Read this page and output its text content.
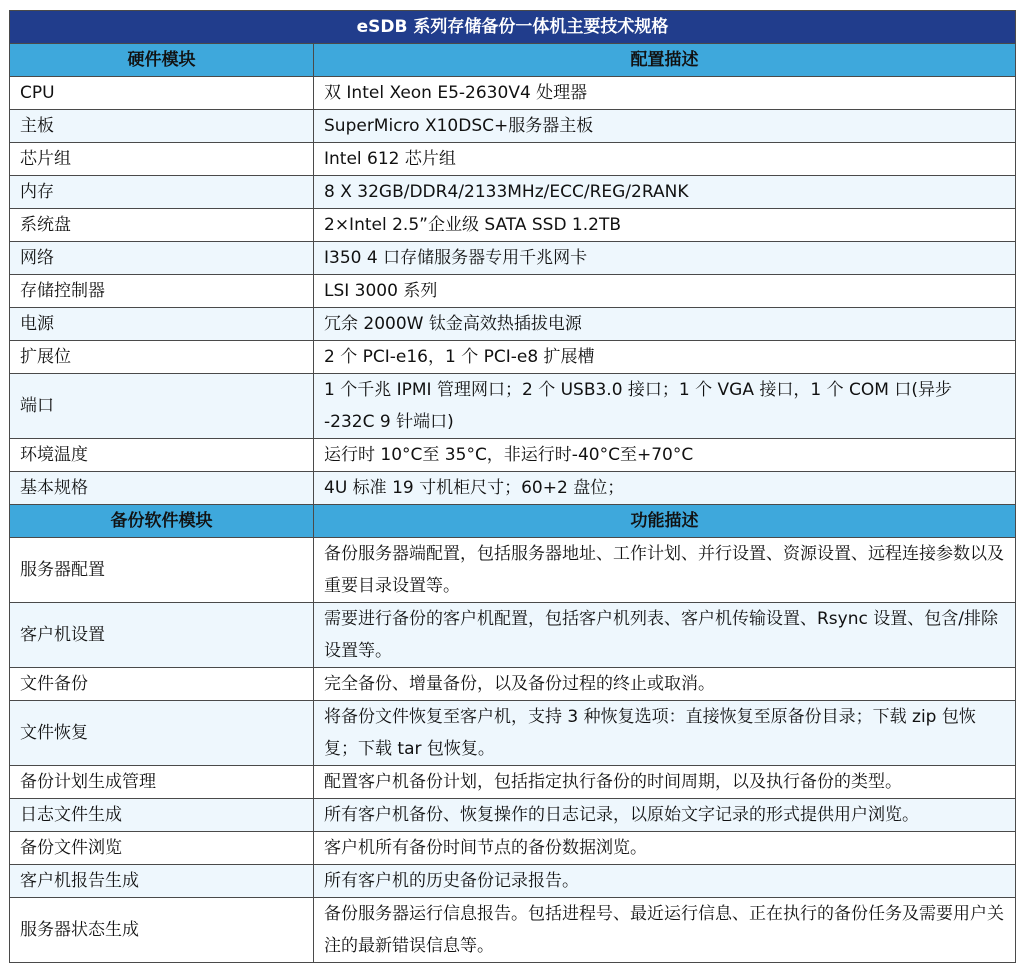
eSDB 系列存储备份一体机主要技术规格	
硬件模块	配置描述
CPU	双 Intel Xeon E5-2630V4 处理器
主板	SuperMicro X10DSC+服务器主板
芯片组	Intel 612 芯片组
内存	8 X 32GB/DDR4/2133MHz/ECC/REG/2RANK
系统盘	2×Intel 2.5”企业级 SATA SSD 1.2TB
网络	I350 4 口存储服务器专用千兆网卡
存储控制器	LSI 3000 系列
电源	冗余 2000W 钛金高效热插拔电源
扩展位	2 个 PCI-e16，1 个 PCI-e8 扩展槽
端口	1 个千兆 IPMI 管理网口；2 个 USB3.0 接口；1 个 VGA 接口，1 个 COM 口(异步 -232C 9 针端口)
环境温度	运行时 10°C至 35°C，非运行时-40°C至+70°C
基本规格	4U 标准 19 寸机柜尺寸；60+2 盘位；
备份软件模块	功能描述
服务器配置	备份服务器端配置，包括服务器地址、工作计划、并行设置、资源设置、远程连接参数以及重要目录设置等。
客户机设置	需要进行备份的客户机配置，包括客户机列表、客户机传输设置、Rsync 设置、包含/排除设置等。
文件备份	完全备份、增量备份，以及备份过程的终止或取消。
文件恢复	将备份文件恢复至客户机，支持 3 种恢复选项：直接恢复至原备份目录；下载 zip 包恢复；下载 tar 包恢复。
备份计划生成管理	配置客户机备份计划，包括指定执行备份的时间周期，以及执行备份的类型。
日志文件生成	所有客户机备份、恢复操作的日志记录，以原始文字记录的形式提供用户浏览。
备份文件浏览	客户机所有备份时间节点的备份数据浏览。
客户机报告生成	所有客户机的历史备份记录报告。
服务器状态生成	备份服务器运行信息报告。包括进程号、最近运行信息、正在执行的备份任务及需要用户关注的最新错误信息等。
